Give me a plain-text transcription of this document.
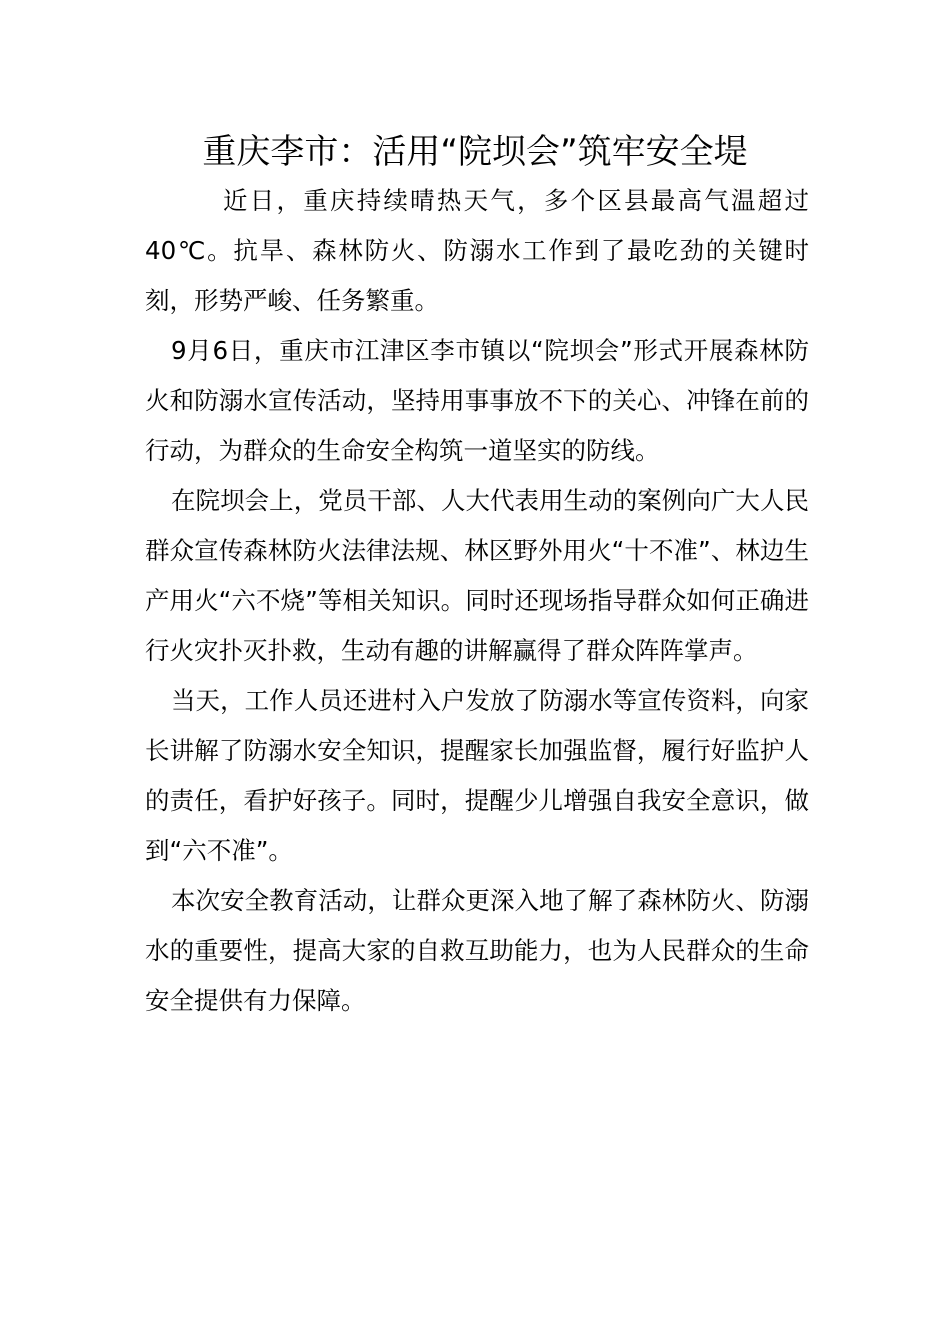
重庆李市：活用“院坝会”筑牢安全堤

近日，重庆持续晴热天气，多个区县最高气温超过40℃。抗旱、森林防火、防溺水工作到了最吃劲的关键时刻，形势严峻、任务繁重。

9月6日，重庆市江津区李市镇以“院坝会”形式开展森林防火和防溺水宣传活动，坚持用事事放不下的关心、冲锋在前的行动，为群众的生命安全构筑一道坚实的防线。

在院坝会上，党员干部、人大代表用生动的案例向广大人民群众宣传森林防火法律法规、林区野外用火“十不准”、林边生产用火“六不烧”等相关知识。同时还现场指导群众如何正确进行火灾扑灭扑救，生动有趣的讲解赢得了群众阵阵掌声。

当天，工作人员还进村入户发放了防溺水等宣传资料，向家长讲解了防溺水安全知识，提醒家长加强监督，履行好监护人的责任，看护好孩子。同时，提醒少儿增强自我安全意识，做到“六不准”。

本次安全教育活动，让群众更深入地了解了森林防火、防溺水的重要性，提高大家的自救互助能力，也为人民群众的生命安全提供有力保障。
